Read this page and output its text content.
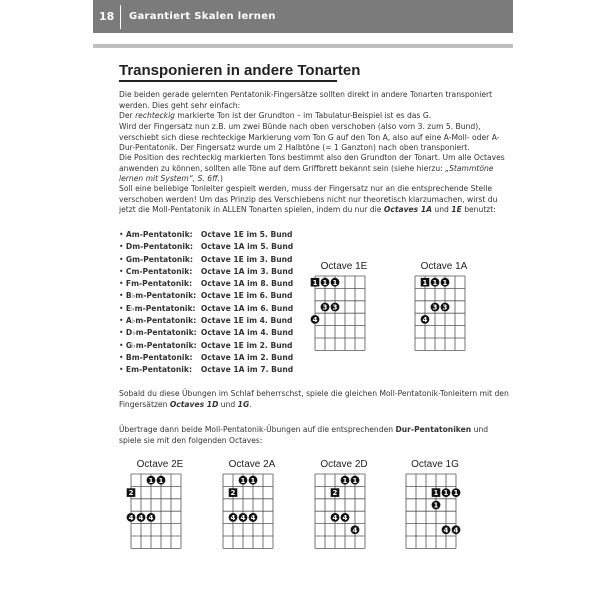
18 Garantiert Skalen lernen
Transponieren in andere Tonarten
Die beiden gerade gelernten Pentatonik-Fingersätze sollten direkt in andere Tonarten transponiert werden. Dies geht sehr einfach:
Der rechteckig markierte Ton ist der Grundton – im Tabulatur-Beispiel ist es das G.
Wird der Fingersatz nun z.B. um zwei Bünde nach oben verschoben (also vom 3. zum 5. Bund), verschiebt sich diese rechteckige Markierung vom Ton G auf den Ton A, also auf eine A-Moll- oder A-Dur-Pentatonik. Der Fingersatz wurde um 2 Halbtöne (= 1 Ganzton) nach oben transponiert.
Die Position des rechteckig markierten Tons bestimmt also den Grundton der Tonart. Um alle Octaves anwenden zu können, sollten alle Töne auf dem Griffbrett bekannt sein (siehe hierzu: „Stammtöne lernen mit System“, S. 6ff.)
Soll eine beliebige Tonleiter gespielt werden, muss der Fingersatz nur an die entsprechende Stelle verschoben werden! Um das Prinzip des Verschiebens nicht nur theoretisch klarzumachen, wirst du jetzt die Moll-Pentatonik in ALLEN Tonarten spielen, indem du nur die Octaves 1A und 1E benutzt:
• Am-Pentatonik: Octave 1E im 5. Bund
• Dm-Pentatonik: Octave 1A im 5. Bund
• Gm-Pentatonik: Octave 1E im 3. Bund
• Cm-Pentatonik: Octave 1A im 3. Bund
• Fm-Pentatonik: Octave 1A im 8. Bund
• B♭m-Pentatonik: Octave 1E im 6. Bund
• E♭m-Pentatonik: Octave 1A im 6. Bund
• A♭m-Pentatonik: Octave 1E im 4. Bund
• D♭m-Pentatonik: Octave 1A im 4. Bund
• G♭m-Pentatonik: Octave 1E im 2. Bund
• Bm-Pentatonik: Octave 1A im 2. Bund
• Em-Pentatonik: Octave 1A im 7. Bund
Octave 1E
1 1 1
3 3
4
Octave 1A
1 1 1
3 3
4
Sobald du diese Übungen im Schlaf beherrschst, spiele die gleichen Moll-Pentatonik-Tonleitern mit den Fingersätzen Octaves 1D und 1G.
Übertrage dann beide Moll-Pentatonik-Übungen auf die entsprechenden Dur-Pentatoniken und spiele sie mit den folgenden Octaves:
Octave 2E
1 1
2
4 4 4
Octave 2A
1 1
2
4 4 4
Octave 2D
1 1
2
4 4
4
Octave 1G
1 1 1
1
4 4
